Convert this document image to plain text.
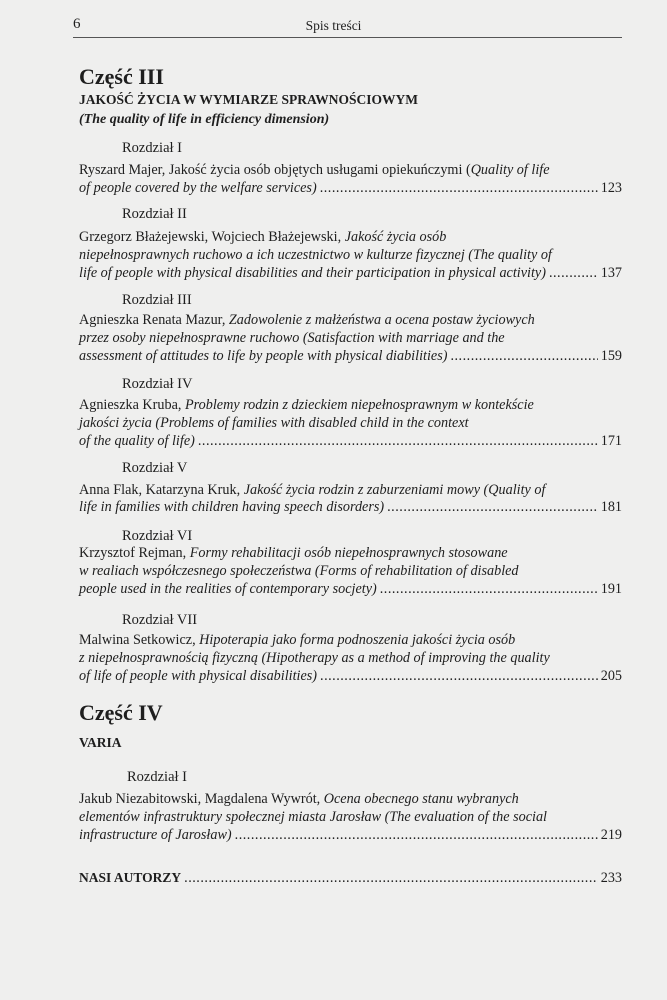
6	Spis treści
Część III
JAKOŚĆ ŻYCIA W WYMIARZE SPRAWNOŚCIOWYM
(The quality of life in efficiency dimension)
Rozdział I
Ryszard Majer, Jakość życia osób objętych usługami opiekuńczymi (Quality of life
of people covered by the welfare services) .....	123
Rozdział II
Grzegorz Błażejewski, Wojciech Błażejewski, Jakość życia osób
niepełnosprawnych ruchowo a ich uczestnictwo w kulturze fizycznej (The quality of
life of people with physical disabilities and their participation in physical activity) .....	137
Rozdział III
Agnieszka Renata Mazur, Zadowolenie z małżeństwa a ocena postaw życiowych
przez osoby niepełnosprawne ruchowo (Satisfaction with marriage and the
assessment of attitudes to life by people with physical diabilities) .....	159
Rozdział IV
Agnieszka Kruba, Problemy rodzin z dzieckiem niepełnosprawnym w kontekście
jakości życia (Problems of families with disabled child in the context
of the quality of life) .....	171
Rozdział V
Anna Flak, Katarzyna Kruk, Jakość życia rodzin z zaburzeniami mowy (Quality of
life in families with children having speech disorders) .....	181
Rozdział VI
Krzysztof Rejman, Formy rehabilitacji osób niepełnosprawnych stosowane
w realiach współczesnego społeczeństwa (Forms of rehabilitation of disabled
people used in the realities of contemporary socjety) .....	191
Rozdział VII
Malwina Setkowicz, Hipoterapia jako forma podnoszenia jakości życia osób
z niepełnosprawnością fizyczną (Hipotherapy as a method of improving the quality
of life of people with physical disabilities) .....	205
Część IV
VARIA
Rozdział I
Jakub Niezabitowski, Magdalena Wywrót, Ocena obecnego stanu wybranych
elementów infrastruktury społecznej miasta Jarosław (The evaluation of the social
infrastructure of Jarosław) .....	219
NASI AUTORZY .....	233
